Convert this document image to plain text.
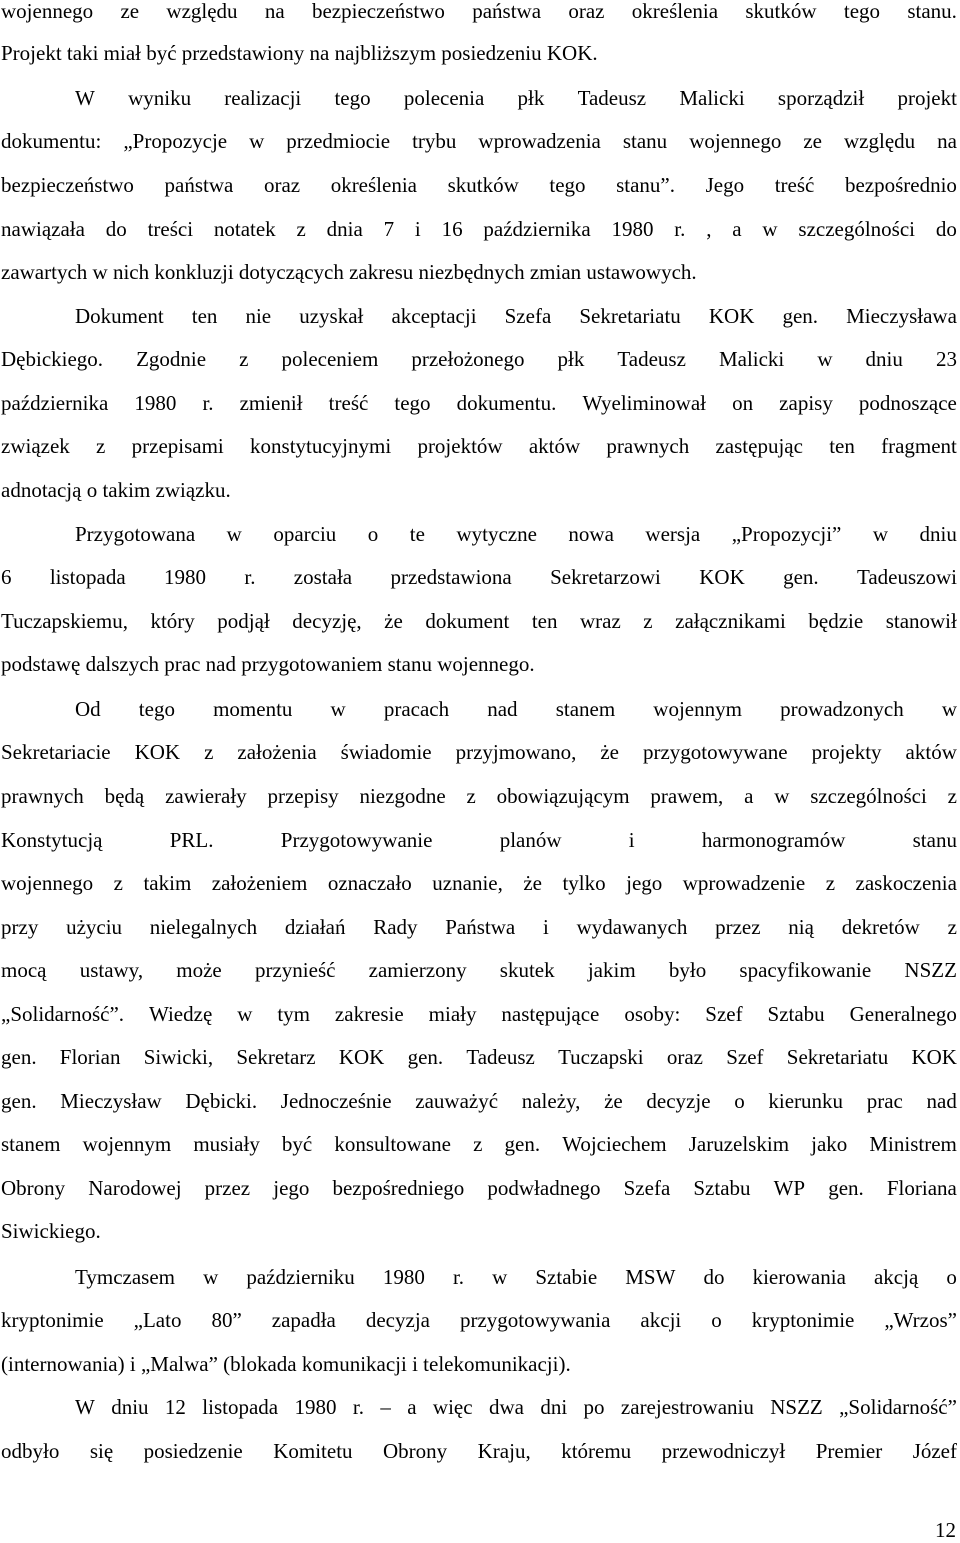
wojennego ze względu na bezpieczeństwo państwa oraz określenia skutków tego stanu.
Projekt taki miał być przedstawiony na najbliższym posiedzeniu KOK.
W wyniku realizacji tego polecenia płk Tadeusz Malicki sporządził projekt
dokumentu: „Propozycje w przedmiocie trybu wprowadzenia stanu wojennego ze względu na
bezpieczeństwo państwa oraz określenia skutków tego stanu”. Jego treść bezpośrednio
nawiązała do treści notatek z dnia 7 i 16 października 1980 r. , a w szczególności do
zawartych w nich konkluzji dotyczących zakresu niezbędnych zmian ustawowych.
Dokument ten nie uzyskał akceptacji Szefa Sekretariatu KOK gen. Mieczysława
Dębickiego. Zgodnie z poleceniem przełożonego płk Tadeusz Malicki w dniu 23
października 1980 r. zmienił treść tego dokumentu. Wyeliminował on zapisy podnoszące
związek z przepisami konstytucyjnymi projektów aktów prawnych zastępując ten fragment
adnotacją o takim związku.
Przygotowana w oparciu o te wytyczne nowa wersja „Propozycji” w dniu
6 listopada 1980 r. została przedstawiona Sekretarzowi KOK gen. Tadeuszowi
Tuczapskiemu, który podjął decyzję, że dokument ten wraz z załącznikami będzie stanowił
podstawę dalszych prac nad przygotowaniem stanu wojennego.
Od tego momentu w pracach nad stanem wojennym prowadzonych w
Sekretariacie KOK z założenia świadomie przyjmowano, że przygotowywane projekty aktów
prawnych będą zawierały przepisy niezgodne z obowiązującym prawem, a w szczególności z
Konstytucją	PRL.	Przygotowywanie	planów	i	harmonogramów	stanu
wojennego z takim założeniem oznaczało uznanie, że tylko jego wprowadzenie z zaskoczenia
przy użyciu nielegalnych działań Rady Państwa i wydawanych przez nią dekretów z
mocą ustawy, może przynieść zamierzony skutek jakim było spacyfikowanie NSZZ
„Solidarność”. Wiedzę w tym zakresie miały następujące osoby: Szef Sztabu Generalnego
gen. Florian Siwicki, Sekretarz KOK gen. Tadeusz Tuczapski oraz Szef Sekretariatu KOK
gen. Mieczysław Dębicki. Jednocześnie zauważyć należy, że decyzje o kierunku prac nad
stanem wojennym musiały być konsultowane z gen. Wojciechem Jaruzelskim jako Ministrem
Obrony Narodowej przez jego bezpośredniego podwładnego Szefa Sztabu WP gen. Floriana
Siwickiego.
Tymczasem w październiku 1980 r. w Sztabie MSW do kierowania akcją o
kryptonimie „Lato 80” zapadła decyzja przygotowywania akcji o kryptonimie „Wrzos”
(internowania) i „Malwa” (blokada komunikacji i telekomunikacji).
W dniu 12 listopada 1980 r. – a więc dwa dni po zarejestrowaniu NSZZ „Solidarność”
odbyło się posiedzenie Komitetu Obrony Kraju, któremu przewodniczył Premier Józef
12
